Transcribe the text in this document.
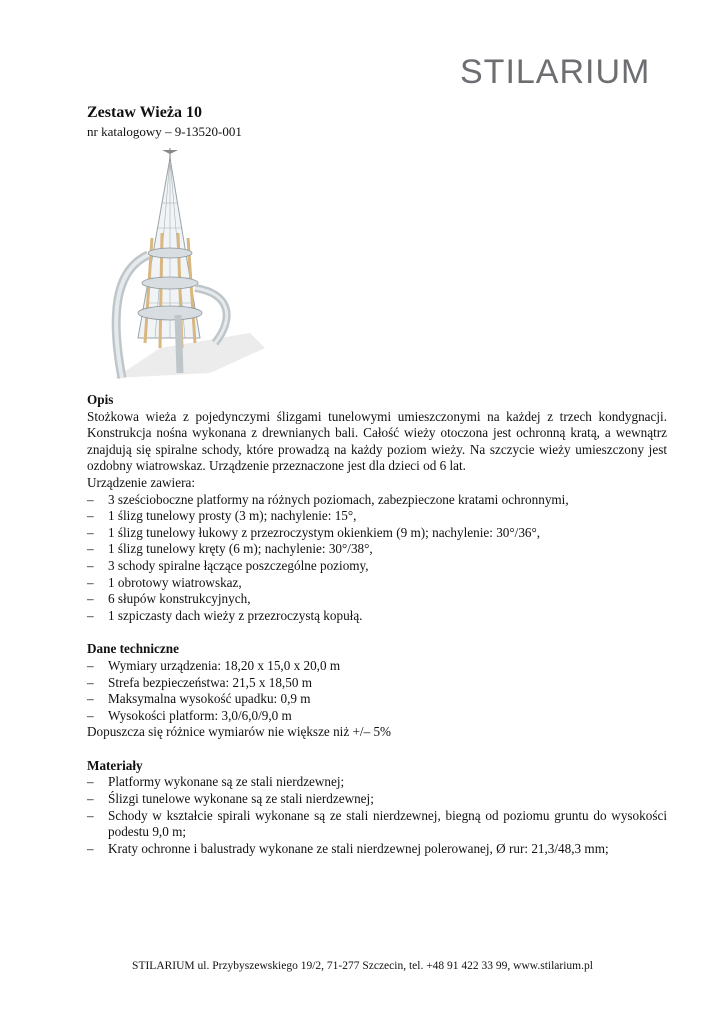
STILARIUM
Zestaw Wieża 10
nr katalogowy – 9-13520-001

Opis

Stożkowa wieża z pojedynczymi ślizgami tunelowymi umieszczonymi na każdej z trzech kondygnacji. Konstrukcja nośna wykonana z drewnianych bali. Całość wieży otoczona jest ochronną kratą, a wewnątrz znajdują się spiralne schody, które prowadzą na każdy poziom wieży. Na szczycie wieży umieszczony jest ozdobny wiatrowskaz. Urządzenie przeznaczone jest dla dzieci od 6 lat.

Urządzenie zawiera:

– 3 sześcioboczne platformy na różnych poziomach, zabezpieczone kratami ochronnymi,
– 1 ślizg tunelowy prosty (3 m); nachylenie: 15°,
– 1 ślizg tunelowy łukowy z przezroczystym okienkiem (9 m); nachylenie: 30°/36°,
– 1 ślizg tunelowy kręty (6 m); nachylenie: 30°/38°,
– 3 schody spiralne łączące poszczególne poziomy,
– 1 obrotowy wiatrowskaz,
– 6 słupów konstrukcyjnych,
– 1 szpiczasty dach wieży z przezroczystą kopułą.

Dane techniczne

– Wymiary urządzenia: 18,20 x 15,0 x 20,0 m
– Strefa bezpieczeństwa: 21,5 x 18,50 m
– Maksymalna wysokość upadku: 0,9 m
– Wysokości platform: 3,0/6,0/9,0 m

Dopuszcza się różnice wymiarów nie większe niż +/– 5%

Materiały

– Platformy wykonane są ze stali nierdzewnej;
– Ślizgi tunelowe wykonane są ze stali nierdzewnej;
– Schody w kształcie spirali wykonane są ze stali nierdzewnej, biegną od poziomu gruntu do wysokości podestu 9,0 m;
– Kraty ochronne i balustrady wykonane ze stali nierdzewnej polerowanej, Ø rur: 21,3/48,3 mm;
STILARIUM ul. Przybyszewskiego 19/2, 71-277 Szczecin, tel. +48 91 422 33 99, www.stilarium.pl
